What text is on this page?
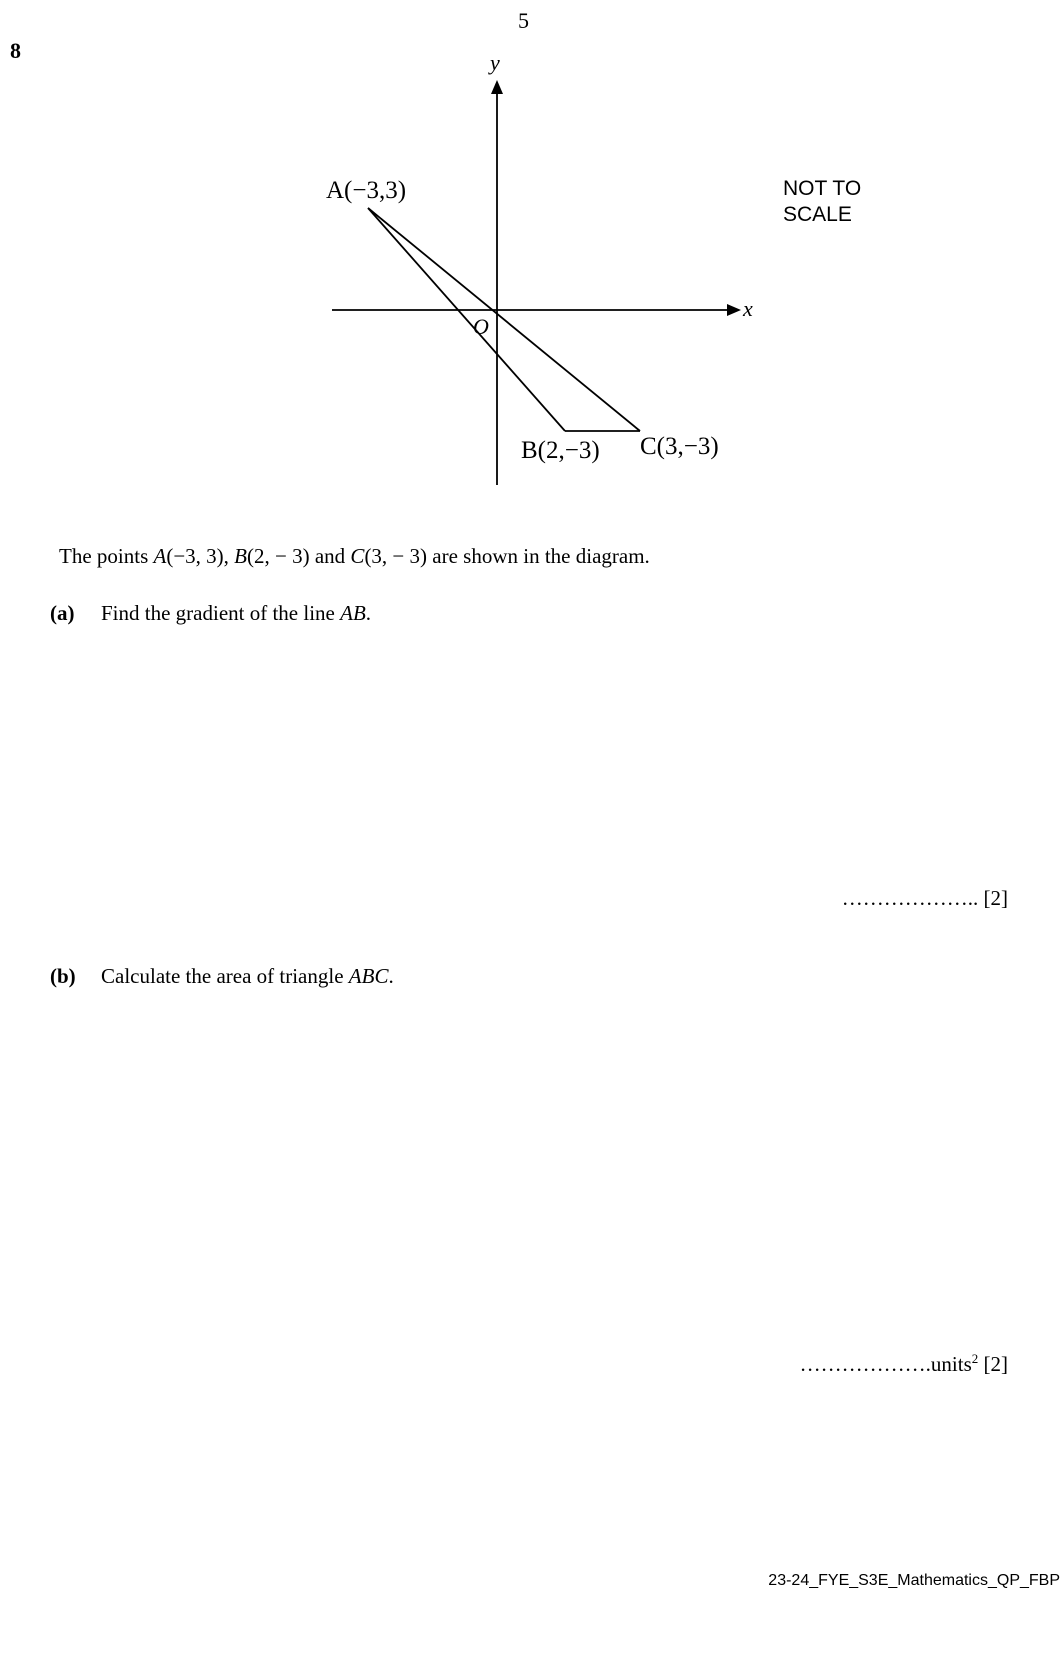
5
8	y
x
O
A(−3,3)
B(2,−3) C(3,−3)
NOT TO
SCALE
The points A(−3, 3), B(2, − 3) and C(3, − 3) are shown in the diagram.
(a) Find the gradient of the line AB.
……………….. [2]
(b) Calculate the area of triangle ABC.
……………….units$^2$ [2]
23-24_FYE_S3E_Mathematics_QP_FBP
